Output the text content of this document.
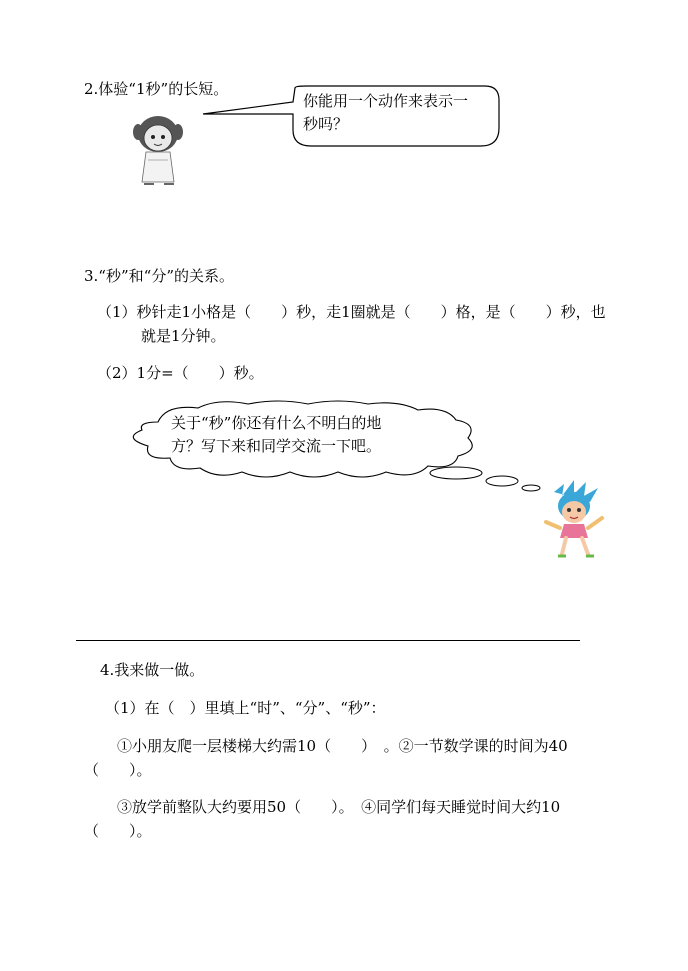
2.体验“1秒”的长短。
你能用一个动作来表示一
秒吗？
3.“秒”和“分”的关系。
（1）秒针走1小格是（　　）秒，走1圈就是（　　）格，是（　　）秒，也
就是1分钟。
（2）1分=（　　）秒。
关于“秒”你还有什么不明白的地
方？写下来和同学交流一下吧。
4.我来做一做。
（1）在（　）里填上“时”、“分”、“秒”：
①小朋友爬一层楼梯大约需10（　　）　。②一节数学课的时间为40
（　　）。
③放学前整队大约要用50（　　）。　④同学们每天睡觉时间大约10
（　　）。
